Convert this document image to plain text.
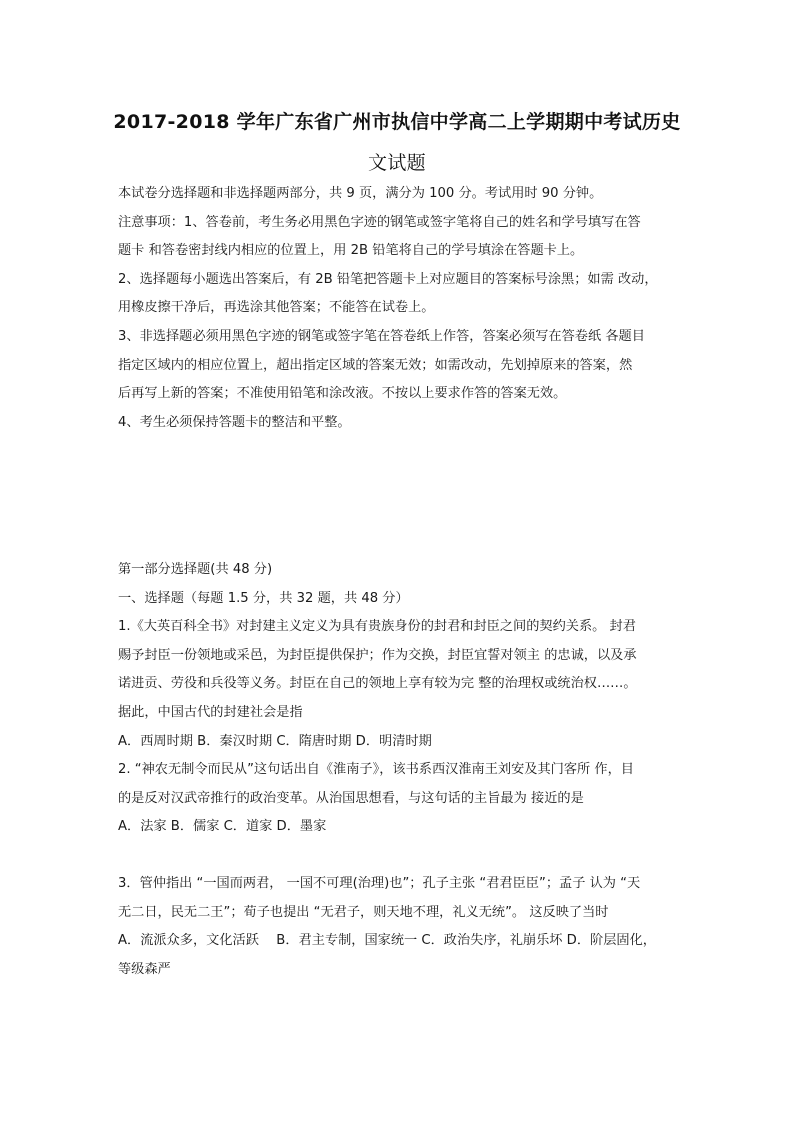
2017-2018 学年广东省广州市执信中学高二上学期期中考试历史
文试题
本试卷分选择题和非选择题两部分，共 9 页，满分为 100 分。考试用时 90 分钟。
注意事项：1、答卷前，考生务必用黑色字迹的钢笔或签字笔将自己的姓名和学号填写在答
题卡 和答卷密封线内相应的位置上，用 2B 铅笔将自己的学号填涂在答题卡上。
2、选择题每小题选出答案后，有 2B 铅笔把答题卡上对应题目的答案标号涂黑；如需 改动，
用橡皮擦干净后，再选涂其他答案；不能答在试卷上。
3、非选择题必须用黑色字迹的钢笔或签字笔在答卷纸上作答，答案必须写在答卷纸 各题目
指定区域内的相应位置上，超出指定区域的答案无效；如需改动，先划掉原来的答案，然
后再写上新的答案；不准使用铅笔和涂改液。不按以上要求作答的答案无效。
4、考生必须保持答题卡的整洁和平整。
第一部分选择题(共 48 分)
一、选择题（每题 1.5 分，共 32 题，共 48 分）
1.《大英百科全书》对封建主义定义为具有贵族身份的封君和封臣之间的契约关系。 封君
赐予封臣一份领地或采邑，为封臣提供保护；作为交换，封臣宜誓对领主 的忠诚，以及承
诺进贡、劳役和兵役等义务。封臣在自己的领地上享有较为完 整的治理权或统治权……。
据此，中国古代的封建社会是指
A．西周时期 B．秦汉时期 C．隋唐时期 D．明清时期
2. “神农无制令而民从”这句话出自《淮南子》，该书系西汉淮南王刘安及其门客所 作，目
的是反对汉武帝推行的政治变革。从治国思想看，与这句话的主旨最为 接近的是
A．法家 B．儒家 C．道家 D．墨家
3．管仲指出 “一国而两君， 一国不可理(治理)也”；孔子主张 “君君臣臣”；孟子 认为 “天
无二日，民无二王”；荀子也提出 “无君子，则天地不理，礼义无统”。 这反映了当时
A．流派众多，文化活跃　 B．君主专制，国家统一 C．政治失序，礼崩乐坏 D．阶层固化，
等级森严
